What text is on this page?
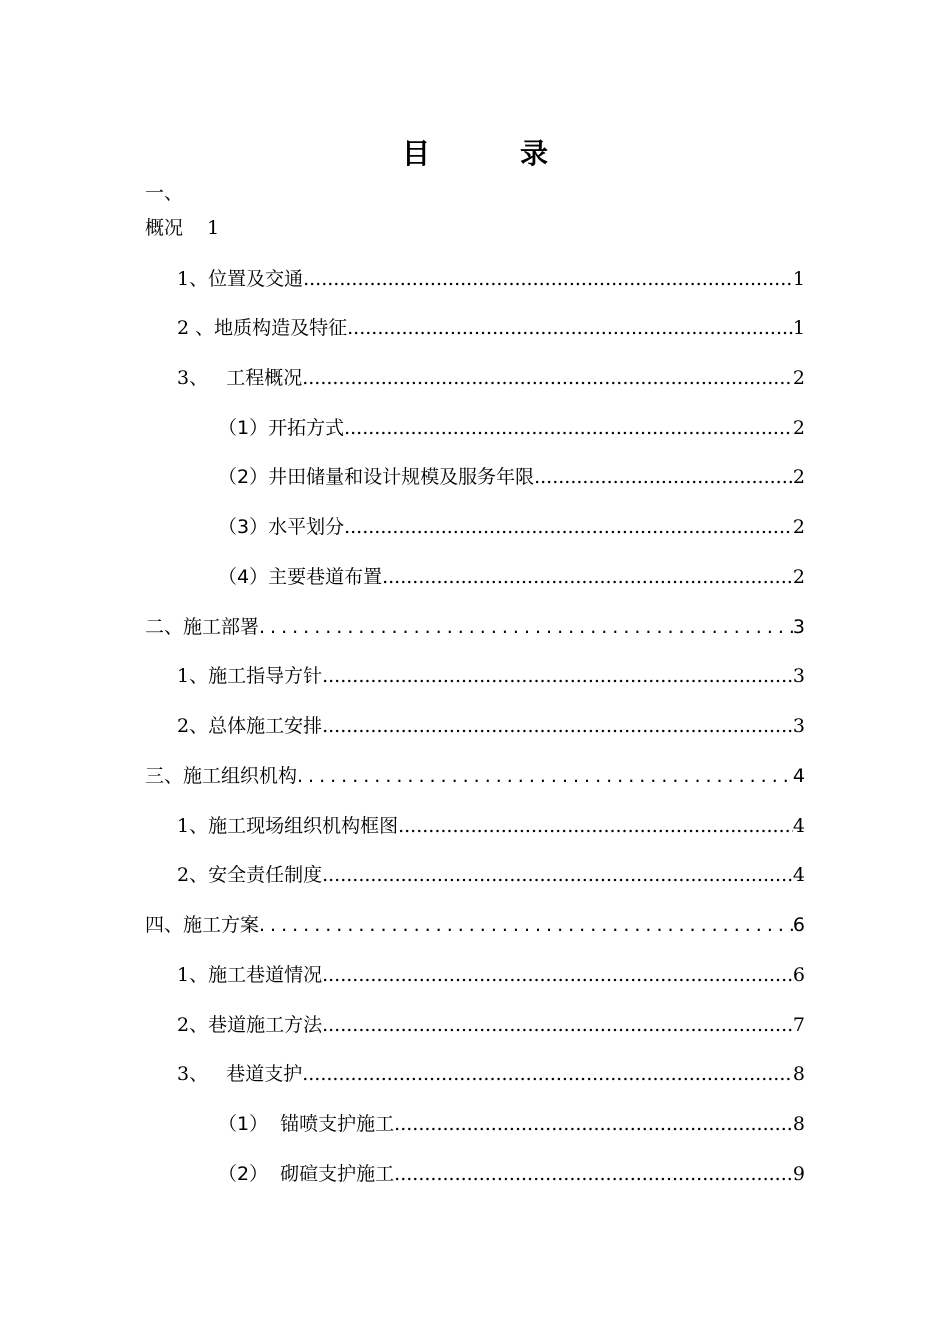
目	录
一、
概况    1
1、位置及交通 .....	1
2 、地质构造及特征 .....	1
3、   工程概况 .....	2
（1）开拓方式 .....	2
（2）井田储量和设计规模及服务年限 .....	2
（3）水平划分 .....	2
（4）主要巷道布置 .....	2
二、施工部署 .....	3
1、施工指导方针 .....	3
2、总体施工安排 .....	3
三、施工组织机构 .....	4
1、施工现场组织机构框图 .....	4
2、安全责任制度 .....	4
四、施工方案 .....	6
1、施工巷道情况 .....	6
2、巷道施工方法 .....	7
3、   巷道支护 .....	8
（1）  锚喷支护施工 .....	8
（2）  砌碹支护施工 .....	9
